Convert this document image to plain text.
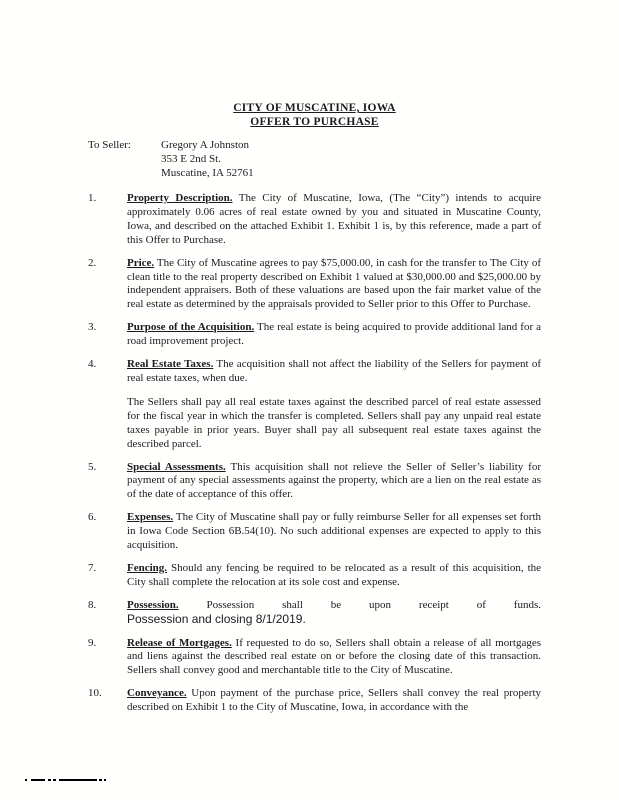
CITY OF MUSCATINE, IOWA
OFFER TO PURCHASE
To Seller:	Gregory A Johnston
353 E 2nd St.
Muscatine, IA 52761
1.	Property Description. The City of Muscatine, Iowa, (The “City”) intends to acquire approximately 0.06 acres of real estate owned by you and situated in Muscatine County, Iowa, and described on the attached Exhibit 1. Exhibit 1 is, by this reference, made a part of this Offer to Purchase.
2.	Price. The City of Muscatine agrees to pay $75,000.00, in cash for the transfer to The City of clean title to the real property described on Exhibit 1 valued at $30,000.00 and $25,000.00 by independent appraisers. Both of these valuations are based upon the fair market value of the real estate as determined by the appraisals provided to Seller prior to this Offer to Purchase.
3.	Purpose of the Acquisition. The real estate is being acquired to provide additional land for a road improvement project.
4.	Real Estate Taxes. The acquisition shall not affect the liability of the Sellers for payment of real estate taxes, when due.
The Sellers shall pay all real estate taxes against the described parcel of real estate assessed for the fiscal year in which the transfer is completed. Sellers shall pay any unpaid real estate taxes payable in prior years. Buyer shall pay all subsequent real estate taxes against the described parcel.
5.	Special Assessments. This acquisition shall not relieve the Seller of Seller’s liability for payment of any special assessments against the property, which are a lien on the real estate as of the date of acceptance of this offer.
6.	Expenses. The City of Muscatine shall pay or fully reimburse Seller for all expenses set forth in Iowa Code Section 6B.54(10). No such additional expenses are expected to apply to this acquisition.
7.	Fencing. Should any fencing be required to be relocated as a result of this acquisition, the City shall complete the relocation at its sole cost and expense.
8.	Possession.	Possession shall be upon receipt of funds. Possession and closing 8/1/2019.
9.	Release of Mortgages. If requested to do so, Sellers shall obtain a release of all mortgages and liens against the described real estate on or before the closing date of this transaction. Sellers shall convey good and merchantable title to the City of Muscatine.
10.	Conveyance. Upon payment of the purchase price, Sellers shall convey the real property described on Exhibit 1 to the City of Muscatine, Iowa, in accordance with the
